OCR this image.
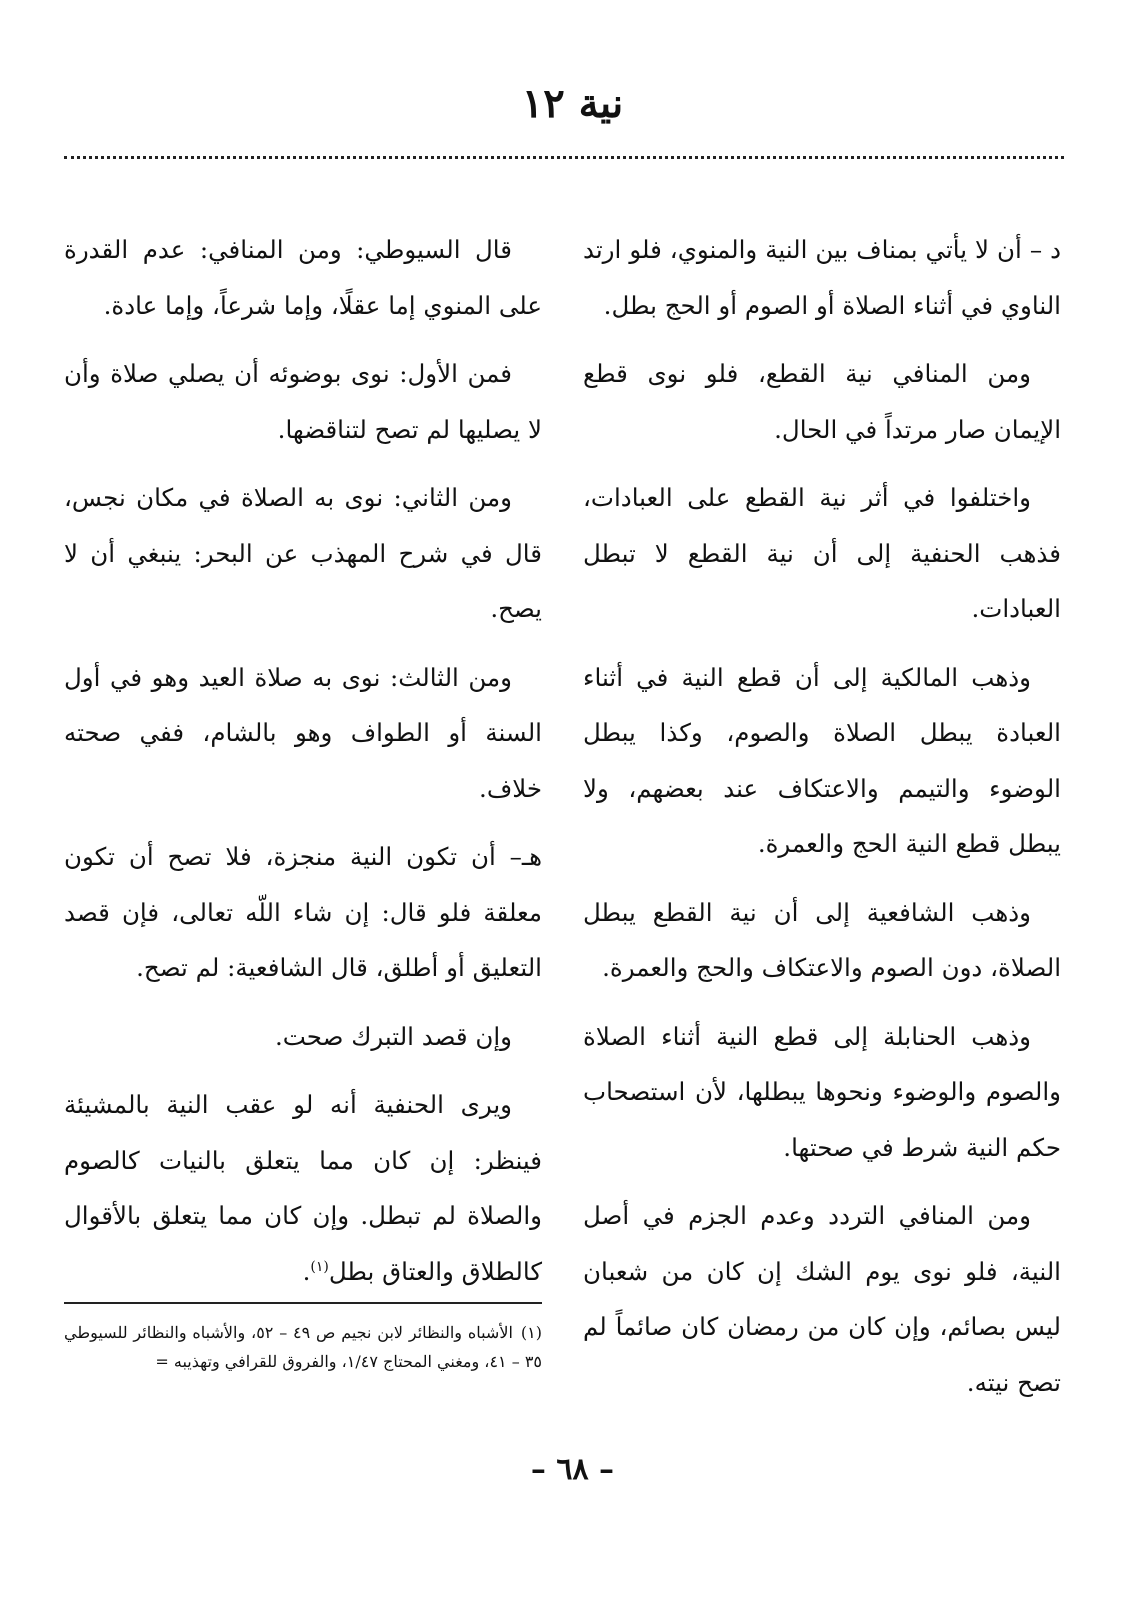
نية ١٢

د – أن لا يأتي بمناف بين النية والمنوي، فلو ارتد الناوي في أثناء الصلاة أو الصوم أو الحج بطل.

ومن المنافي نية القطع، فلو نوى قطع الإيمان صار مرتداً في الحال.

واختلفوا في أثر نية القطع على العبادات، فذهب الحنفية إلى أن نية القطع لا تبطل العبادات.

وذهب المالكية إلى أن قطع النية في أثناء العبادة يبطل الصلاة والصوم، وكذا يبطل الوضوء والتيمم والاعتكاف عند بعضهم، ولا يبطل قطع النية الحج والعمرة.

وذهب الشافعية إلى أن نية القطع يبطل الصلاة، دون الصوم والاعتكاف والحج والعمرة.

وذهب الحنابلة إلى قطع النية أثناء الصلاة والصوم والوضوء ونحوها يبطلها، لأن استصحاب حكم النية شرط في صحتها.

ومن المنافي التردد وعدم الجزم في أصل النية، فلو نوى يوم الشك إن كان من شعبان ليس بصائم، وإن كان من رمضان كان صائماً لم تصح نيته.

قال السيوطي: ومن المنافي: عدم القدرة على المنوي إما عقلًا، وإما شرعاً، وإما عادة.

فمن الأول: نوى بوضوئه أن يصلي صلاة وأن لا يصليها لم تصح لتناقضها.

ومن الثاني: نوى به الصلاة في مكان نجس، قال في شرح المهذب عن البحر: ينبغي أن لا يصح.

ومن الثالث: نوى به صلاة العيد وهو في أول السنة أو الطواف وهو بالشام، ففي صحته خلاف.

هـ– أن تكون النية منجزة، فلا تصح أن تكون معلقة فلو قال: إن شاء اللّه تعالى، فإن قصد التعليق أو أطلق، قال الشافعية: لم تصح.

وإن قصد التبرك صحت.

ويرى الحنفية أنه لو عقب النية بالمشيئة فينظر: إن كان مما يتعلق بالنيات كالصوم والصلاة لم تبطل. وإن كان مما يتعلق بالأقوال كالطلاق والعتاق بطل$^{(١)}$.

(١)الأشباه والنظائر لابن نجيم ص ٤٩ – ٥٢، والأشباه والنظائر للسيوطي ٣٥ – ٤١، ومغني المحتاج ١/٤٧، والفروق للقرافي وتهذيبه =

– ٦٨ –
